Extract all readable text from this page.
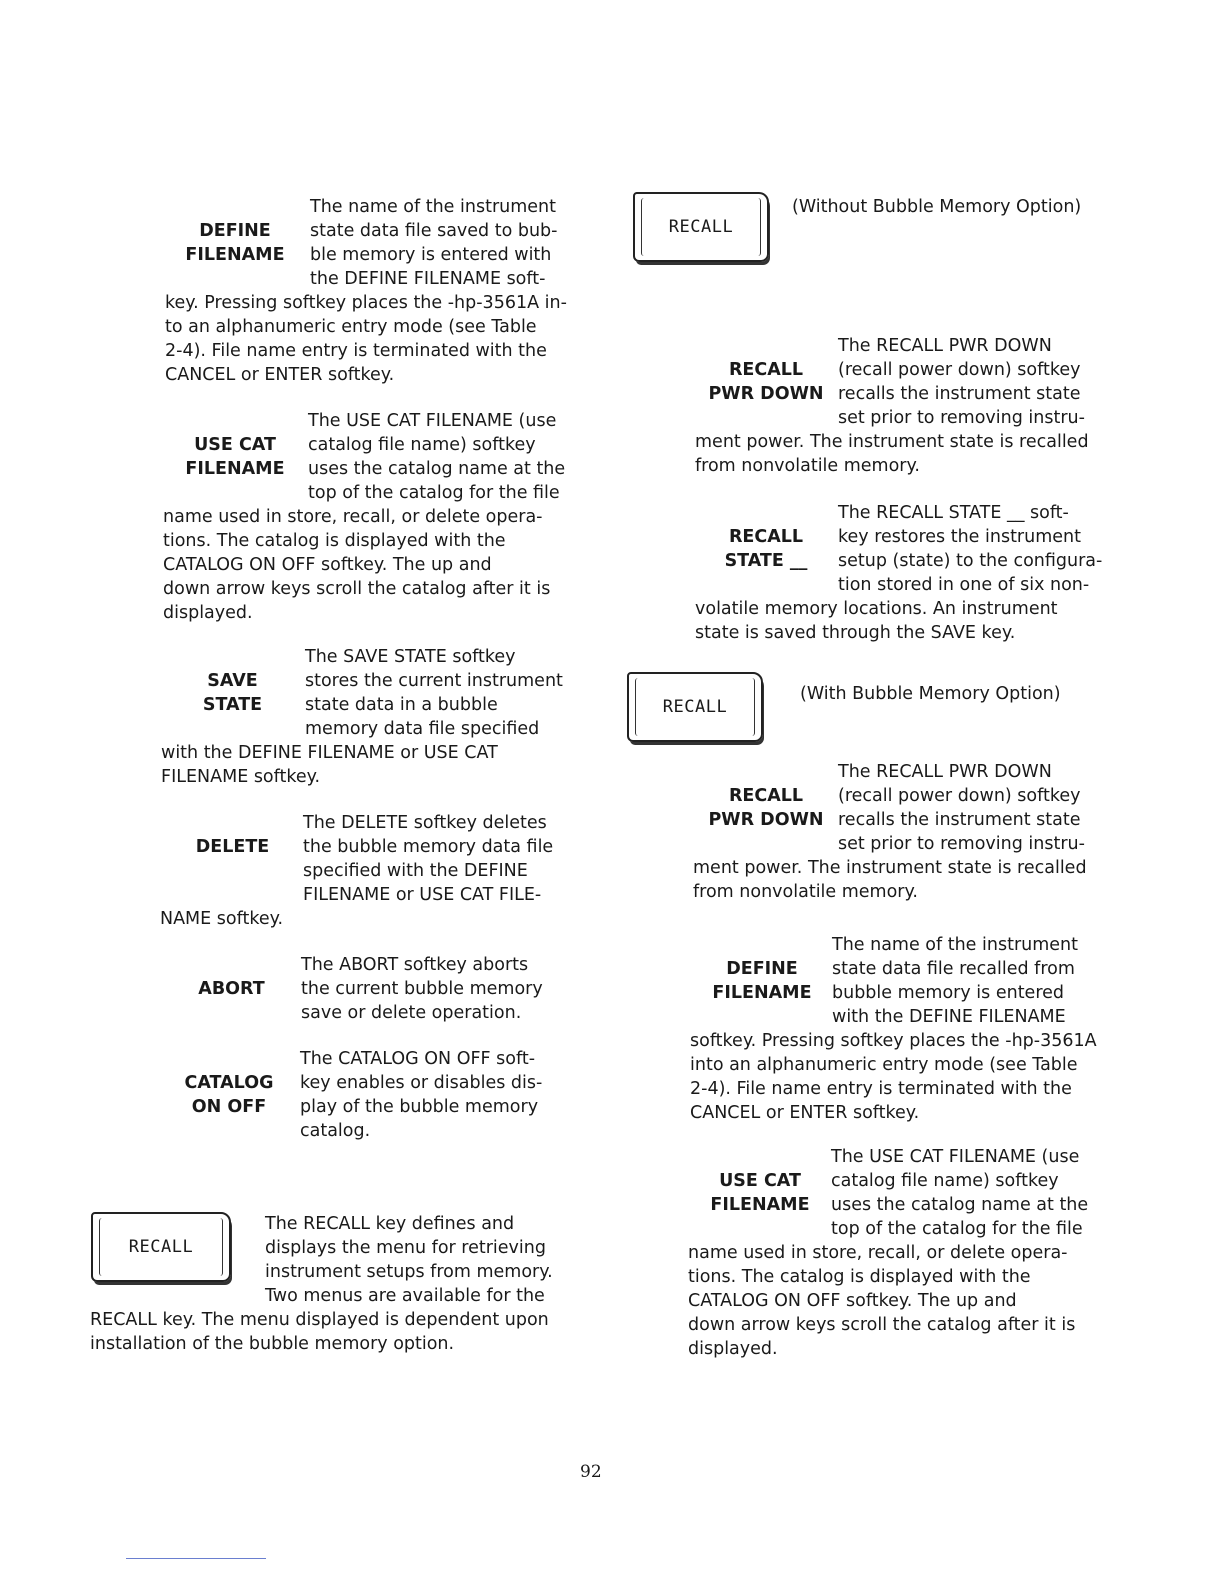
DEFINE
FILENAME
The name of the instrument
state data file saved to bub-
ble memory is entered with
the DEFINE FILENAME soft-
key. Pressing softkey places the -hp-3561A in-
to an alphanumeric entry mode (see Table
2-4). File name entry is terminated with the
CANCEL or ENTER softkey.
USE CAT
FILENAME
The USE CAT FILENAME (use
catalog file name) softkey
uses the catalog name at the
top of the catalog for the file
name used in store, recall, or delete opera-
tions. The catalog is displayed with the
CATALOG ON OFF softkey. The up and
down arrow keys scroll the catalog after it is
displayed.
SAVE
STATE
The SAVE STATE softkey
stores the current instrument
state data in a bubble
memory data file specified
with the DEFINE FILENAME or USE CAT
FILENAME softkey.
DELETE
The DELETE softkey deletes
the bubble memory data file
specified with the DEFINE
FILENAME or USE CAT FILE-
NAME softkey.
ABORT
The ABORT softkey aborts
the current bubble memory
save or delete operation.
CATALOG
ON OFF
The CATALOG ON OFF soft-
key enables or disables dis-
play of the bubble memory
catalog.
RECALL
The RECALL key defines and
displays the menu for retrieving
instrument setups from memory.
Two menus are available for the
RECALL key. The menu displayed is dependent upon
installation of the bubble memory option.
RECALL
(Without Bubble Memory Option)
RECALL
PWR DOWN
The RECALL PWR DOWN
(recall power down) softkey
recalls the instrument state
set prior to removing instru-
ment power. The instrument state is recalled
from nonvolatile memory.
RECALL
STATE __
The RECALL STATE __ soft-
key restores the instrument
setup (state) to the configura-
tion stored in one of six non-
volatile memory locations. An instrument
state is saved through the SAVE key.
RECALL
(With Bubble Memory Option)
RECALL
PWR DOWN
The RECALL PWR DOWN
(recall power down) softkey
recalls the instrument state
set prior to removing instru-
ment power. The instrument state is recalled
from nonvolatile memory.
DEFINE
FILENAME
The name of the instrument
state data file recalled from
bubble memory is entered
with the DEFINE FILENAME
softkey. Pressing softkey places the -hp-3561A
into an alphanumeric entry mode (see Table
2-4). File name entry is terminated with the
CANCEL or ENTER softkey.
USE CAT
FILENAME
The USE CAT FILENAME (use
catalog file name) softkey
uses the catalog name at the
top of the catalog for the file
name used in store, recall, or delete opera-
tions. The catalog is displayed with the
CATALOG ON OFF softkey. The up and
down arrow keys scroll the catalog after it is
displayed.
92
